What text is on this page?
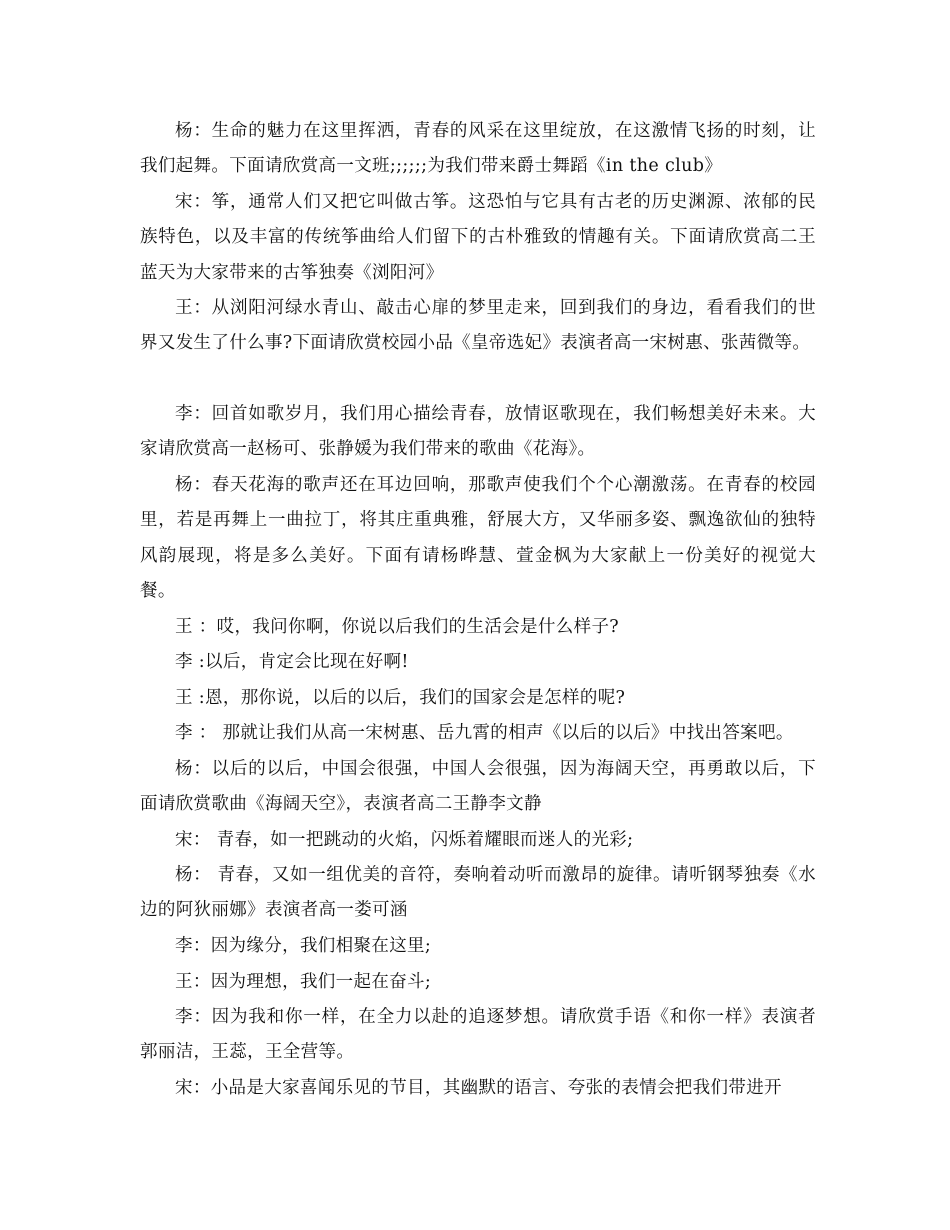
杨：生命的魅力在这里挥洒，青春的风采在这里绽放，在这激情飞扬的时刻，让我们起舞。下面请欣赏高一文班;;;;;;为我们带来爵士舞蹈《in the club》

宋：筝，通常人们又把它叫做古筝。这恐怕与它具有古老的历史渊源、浓郁的民族特色，以及丰富的传统筝曲给人们留下的古朴雅致的情趣有关。下面请欣赏高二王蓝天为大家带来的古筝独奏《浏阳河》

王：从浏阳河绿水青山、敲击心扉的梦里走来，回到我们的身边，看看我们的世界又发生了什么事?下面请欣赏校园小品《皇帝选妃》表演者高一宋树惠、张茜微等。

李：回首如歌岁月，我们用心描绘青春，放情讴歌现在，我们畅想美好未来。大家请欣赏高一赵杨可、张静媛为我们带来的歌曲《花海》。

杨：春天花海的歌声还在耳边回响，那歌声使我们个个心潮激荡。在青春的校园里，若是再舞上一曲拉丁，将其庄重典雅，舒展大方，又华丽多姿、飘逸欲仙的独特风韵展现，将是多么美好。下面有请杨晔慧、萱金枫为大家献上一份美好的视觉大餐。

王 ：哎，我问你啊，你说以后我们的生活会是什么样子?

李 :以后，肯定会比现在好啊!

王 :恩，那你说，以后的以后，我们的国家会是怎样的呢?

李 ： 那就让我们从高一宋树惠、岳九霄的相声《以后的以后》中找出答案吧。

杨：以后的以后，中国会很强，中国人会很强，因为海阔天空，再勇敢以后，下面请欣赏歌曲《海阔天空》，表演者高二王静李文静

宋： 青春，如一把跳动的火焰，闪烁着耀眼而迷人的光彩;

杨： 青春，又如一组优美的音符，奏响着动听而激昂的旋律。请听钢琴独奏《水边的阿狄丽娜》表演者高一娄可涵

李：因为缘分，我们相聚在这里;

王：因为理想，我们一起在奋斗;

李：因为我和你一样，在全力以赴的追逐梦想。请欣赏手语《和你一样》表演者郭丽洁，王蕊，王全营等。

宋：小品是大家喜闻乐见的节目，其幽默的语言、夸张的表情会把我们带进开
